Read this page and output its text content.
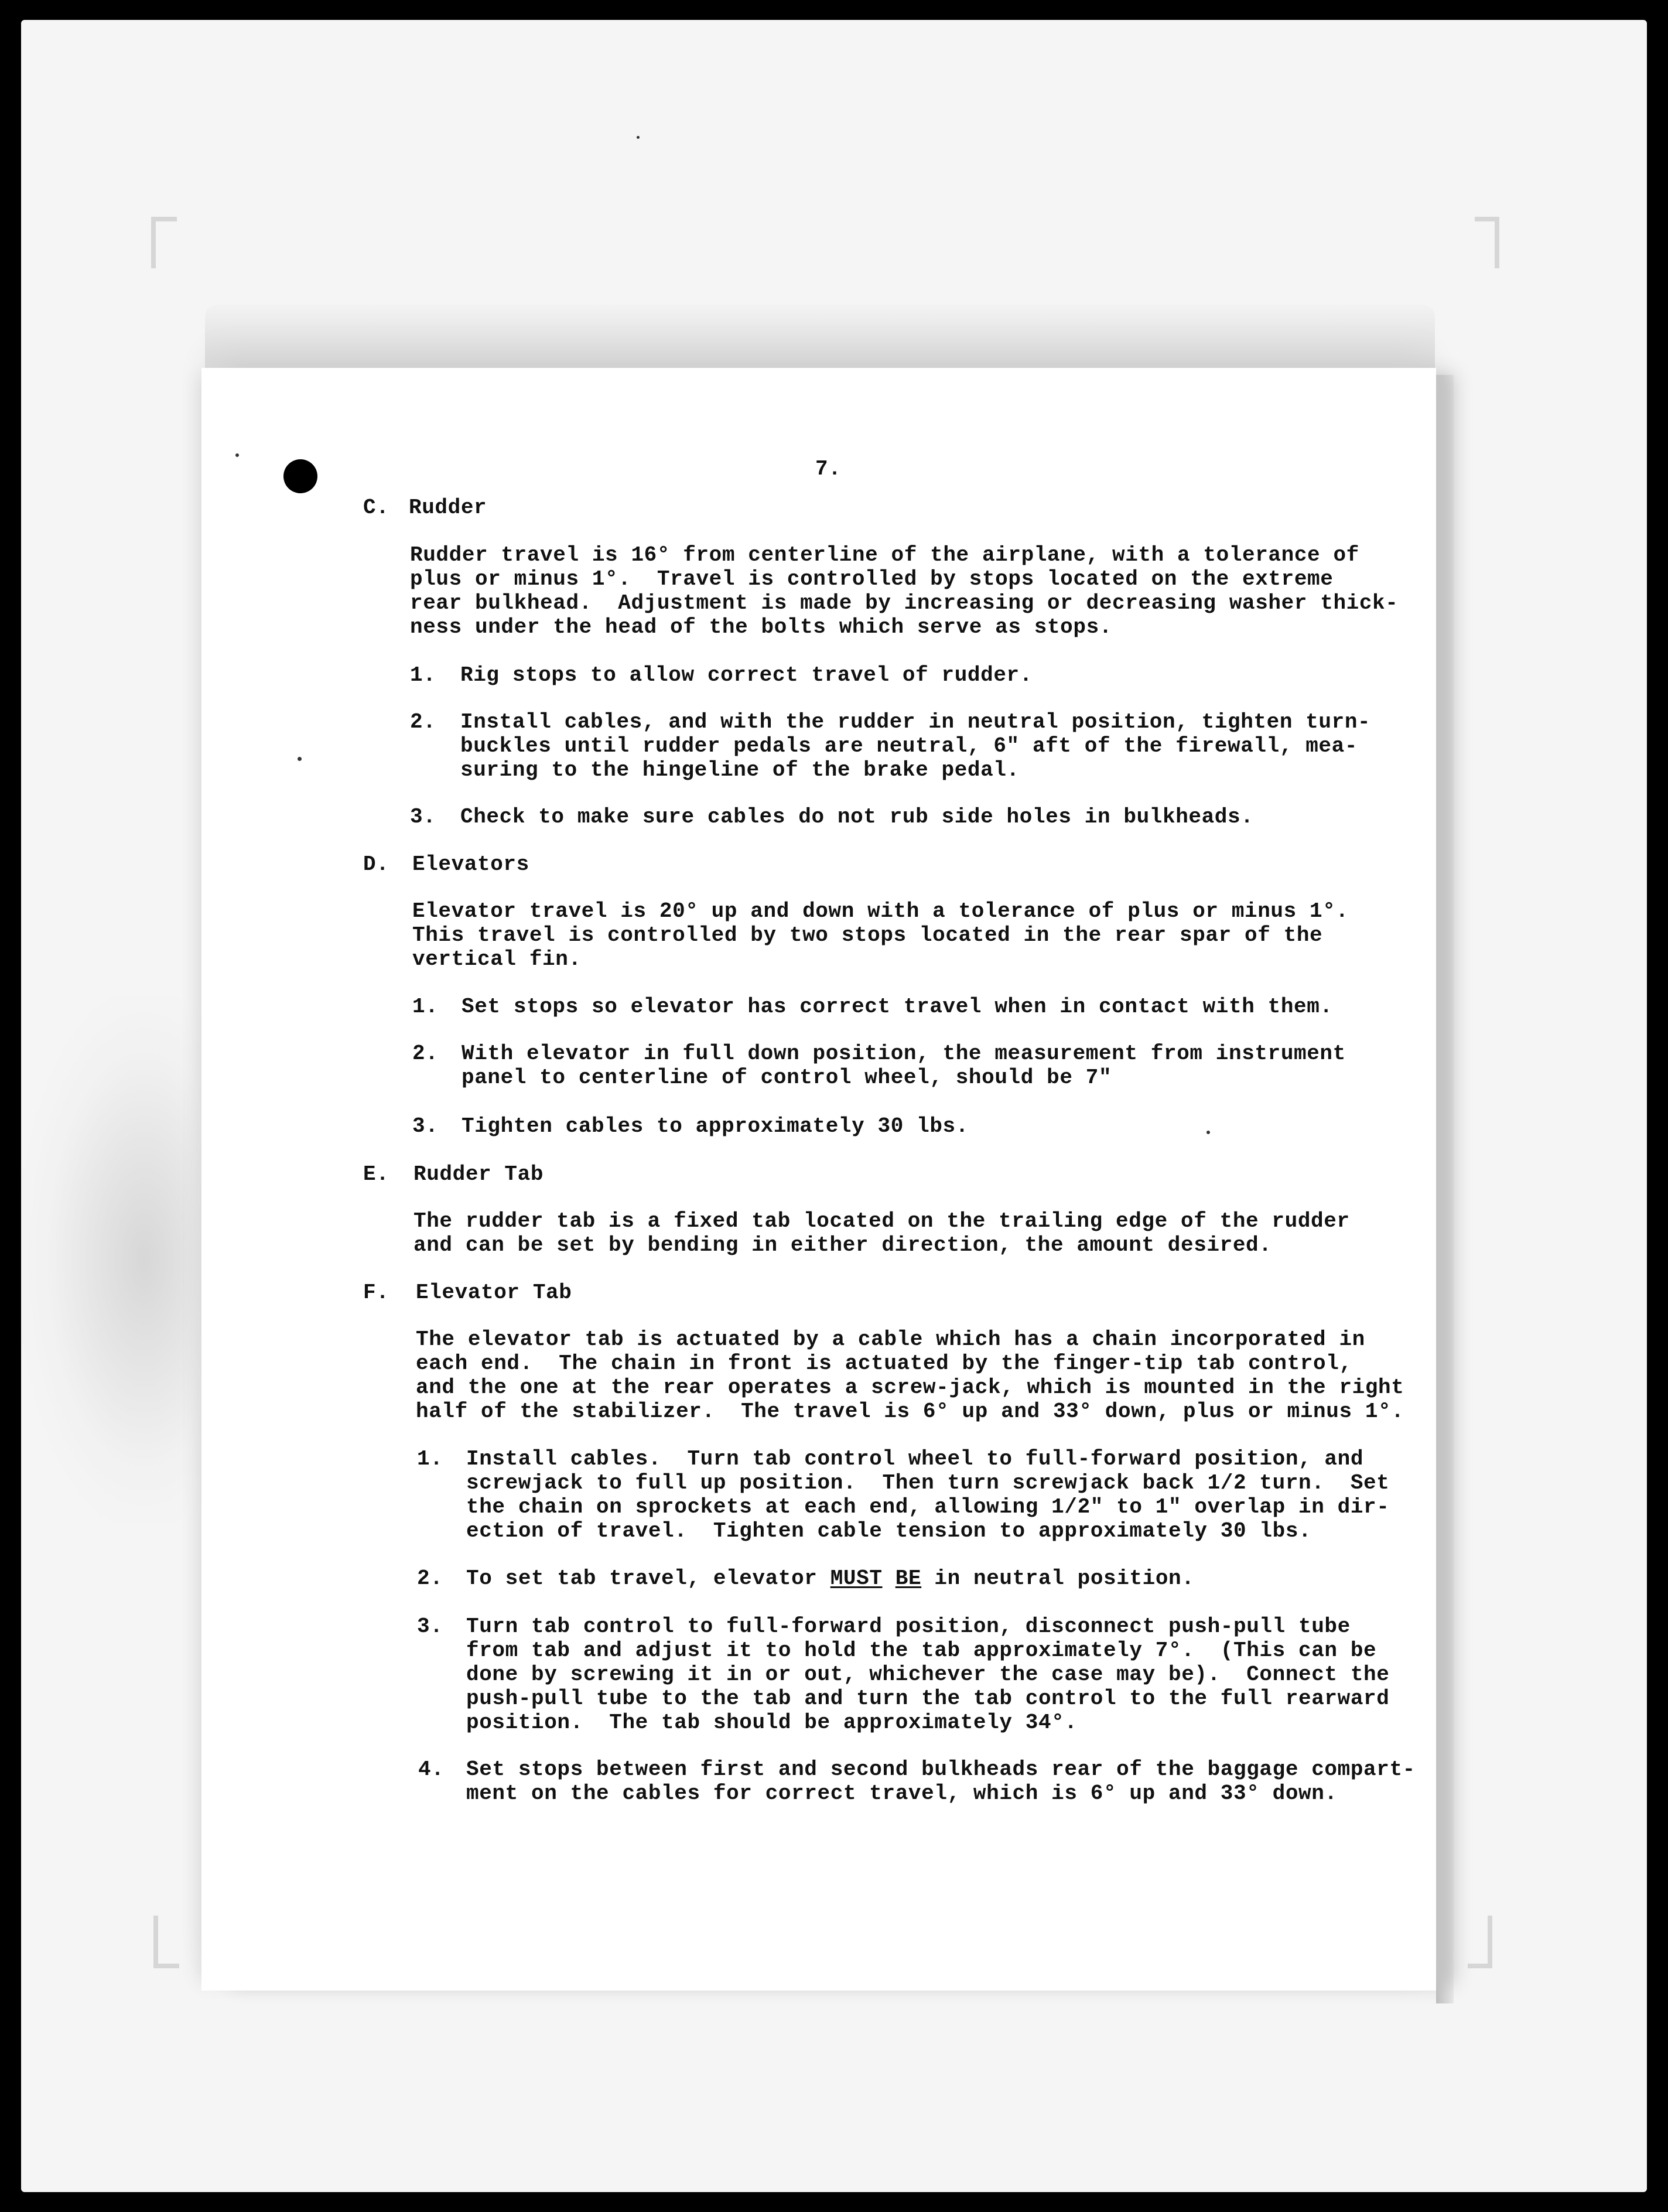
7.
C. Rudder
Rudder travel is 16° from centerline of the airplane, with a tolerance of
plus or minus 1°.  Travel is controlled by stops located on the extreme
rear bulkhead.  Adjustment is made by increasing or decreasing washer thick-
ness under the head of the bolts which serve as stops.
1. Rig stops to allow correct travel of rudder.
2. Install cables, and with the rudder in neutral position, tighten turn-
buckles until rudder pedals are neutral, 6" aft of the firewall, mea-
suring to the hingeline of the brake pedal.
3. Check to make sure cables do not rub side holes in bulkheads.
D. Elevators
Elevator travel is 20° up and down with a tolerance of plus or minus 1°.
This travel is controlled by two stops located in the rear spar of the
vertical fin.
1. Set stops so elevator has correct travel when in contact with them.
2. With elevator in full down position, the measurement from instrument
panel to centerline of control wheel, should be 7"
3. Tighten cables to approximately 30 lbs.
E. Rudder Tab
The rudder tab is a fixed tab located on the trailing edge of the rudder
and can be set by bending in either direction, the amount desired.
F. Elevator Tab
The elevator tab is actuated by a cable which has a chain incorporated in
each end.  The chain in front is actuated by the finger-tip tab control,
and the one at the rear operates a screw-jack, which is mounted in the right
half of the stabilizer.  The travel is 6° up and 33° down, plus or minus 1°.
1. Install cables.  Turn tab control wheel to full-forward position, and
screwjack to full up position.  Then turn screwjack back 1/2 turn.  Set
the chain on sprockets at each end, allowing 1/2" to 1" overlap in dir-
ection of travel.  Tighten cable tension to approximately 30 lbs.
2. To set tab travel, elevator MUST BE in neutral position.
3. Turn tab control to full-forward position, disconnect push-pull tube
from tab and adjust it to hold the tab approximately 7°.  (This can be
done by screwing it in or out, whichever the case may be).  Connect the
push-pull tube to the tab and turn the tab control to the full rearward
position.  The tab should be approximately 34°.
4. Set stops between first and second bulkheads rear of the baggage compart-
ment on the cables for correct travel, which is 6° up and 33° down.
